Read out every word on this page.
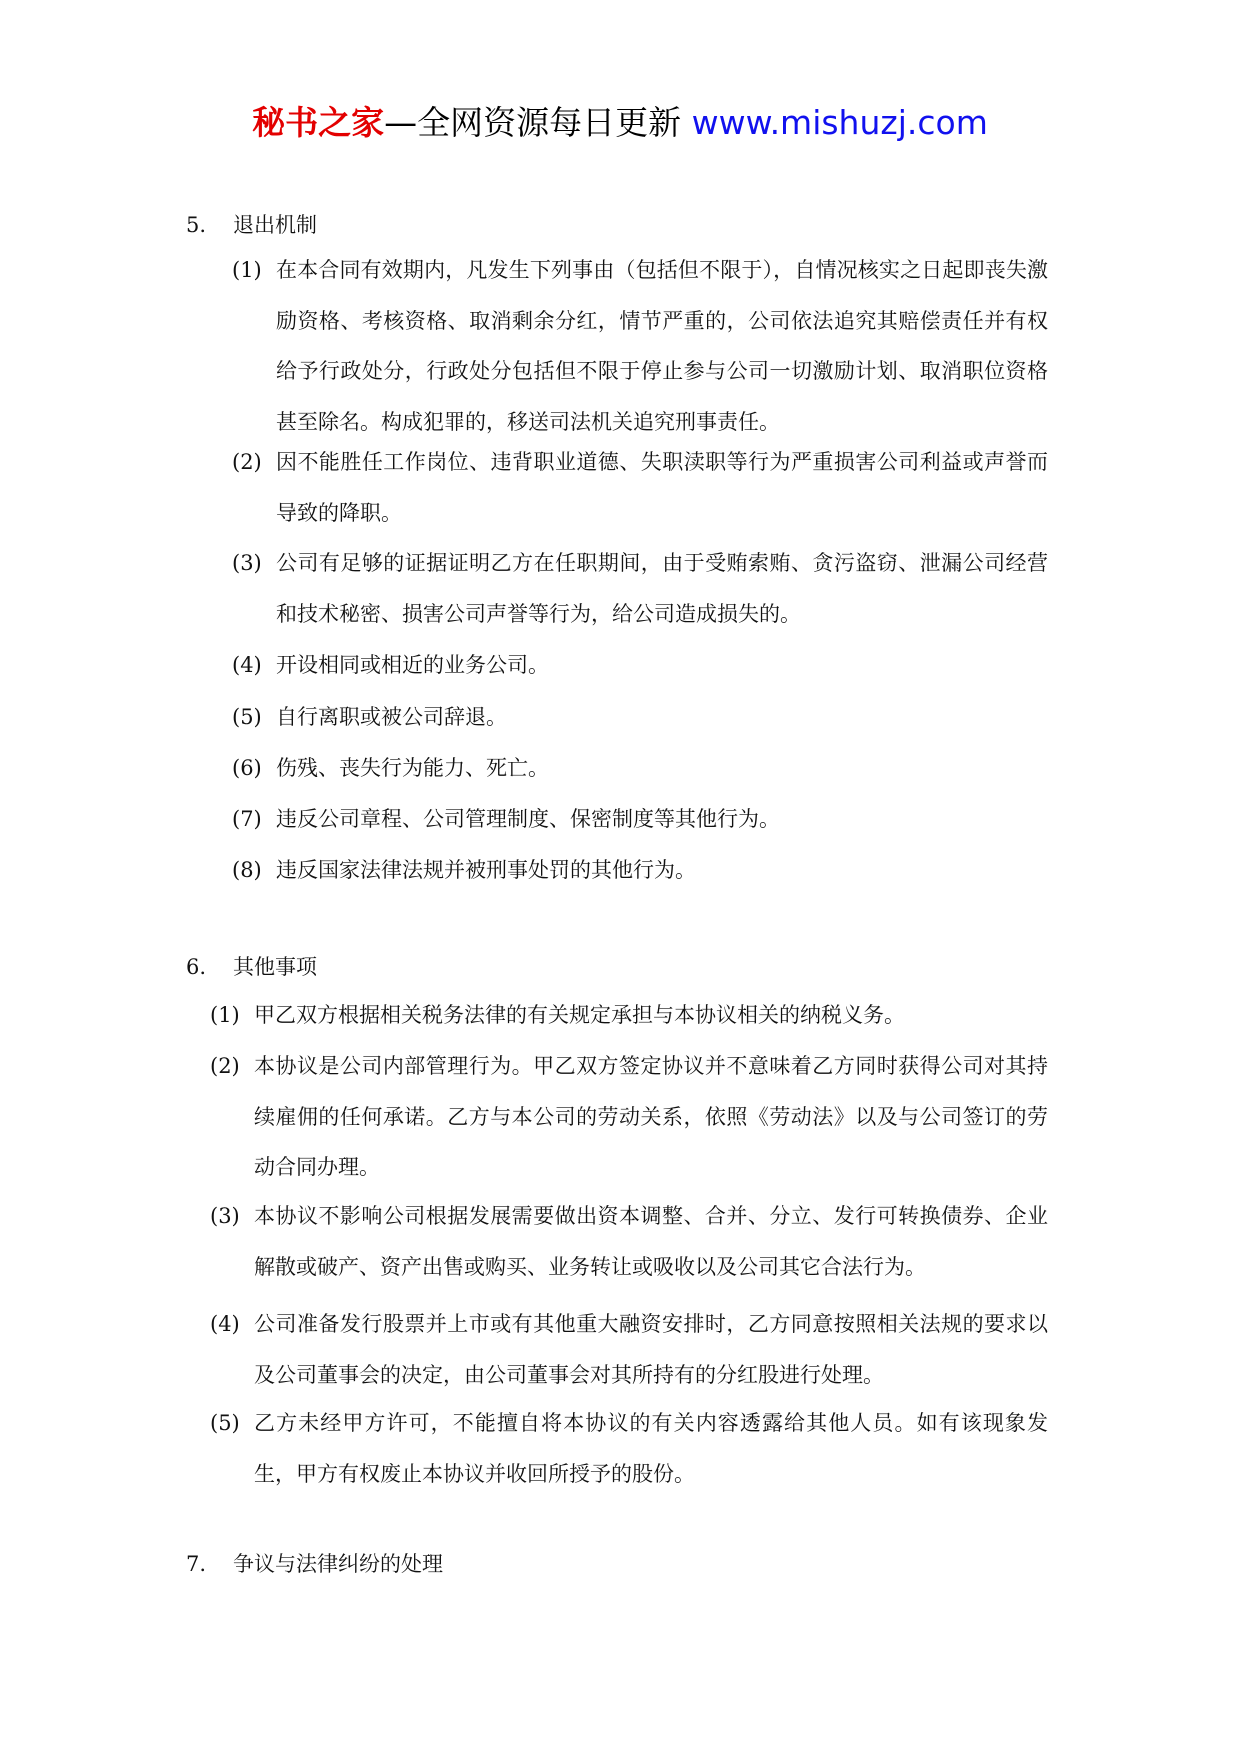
秘书之家—全网资源每日更新 www.mishuzj.com
5. 退出机制
(1) 在本合同有效期内，凡发生下列事由（包括但不限于），自情况核实之日起即丧失激励资格、考核资格、取消剩余分红，情节严重的，公司依法追究其赔偿责任并有权给予行政处分，行政处分包括但不限于停止参与公司一切激励计划、取消职位资格甚至除名。构成犯罪的，移送司法机关追究刑事责任。
(2) 因不能胜任工作岗位、违背职业道德、失职渎职等行为严重损害公司利益或声誉而导致的降职。
(3) 公司有足够的证据证明乙方在任职期间，由于受贿索贿、贪污盗窃、泄漏公司经营和技术秘密、损害公司声誉等行为，给公司造成损失的。
(4) 开设相同或相近的业务公司。
(5) 自行离职或被公司辞退。
(6) 伤残、丧失行为能力、死亡。
(7) 违反公司章程、公司管理制度、保密制度等其他行为。
(8) 违反国家法律法规并被刑事处罚的其他行为。
6. 其他事项
(1) 甲乙双方根据相关税务法律的有关规定承担与本协议相关的纳税义务。
(2) 本协议是公司内部管理行为。甲乙双方签定协议并不意味着乙方同时获得公司对其持续雇佣的任何承诺。乙方与本公司的劳动关系，依照《劳动法》以及与公司签订的劳动合同办理。
(3) 本协议不影响公司根据发展需要做出资本调整、合并、分立、发行可转换债券、企业解散或破产、资产出售或购买、业务转让或吸收以及公司其它合法行为。
(4) 公司准备发行股票并上市或有其他重大融资安排时，乙方同意按照相关法规的要求以及公司董事会的决定，由公司董事会对其所持有的分红股进行处理。
(5) 乙方未经甲方许可，不能擅自将本协议的有关内容透露给其他人员。如有该现象发生，甲方有权废止本协议并收回所授予的股份。
7. 争议与法律纠纷的处理
